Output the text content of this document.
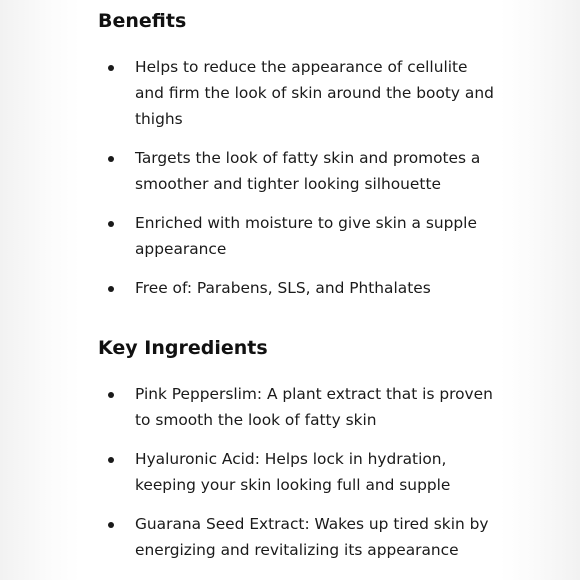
Benefits
Helps to reduce the appearance of cellulite and firm the look of skin around the booty and thighs
Targets the look of fatty skin and promotes a smoother and tighter looking silhouette
Enriched with moisture to give skin a supple appearance
Free of: Parabens, SLS, and Phthalates
Key Ingredients
Pink Pepperslim: A plant extract that is proven to smooth the look of fatty skin
Hyaluronic Acid: Helps lock in hydration, keeping your skin looking full and supple
Guarana Seed Extract: Wakes up tired skin by energizing and revitalizing its appearance
